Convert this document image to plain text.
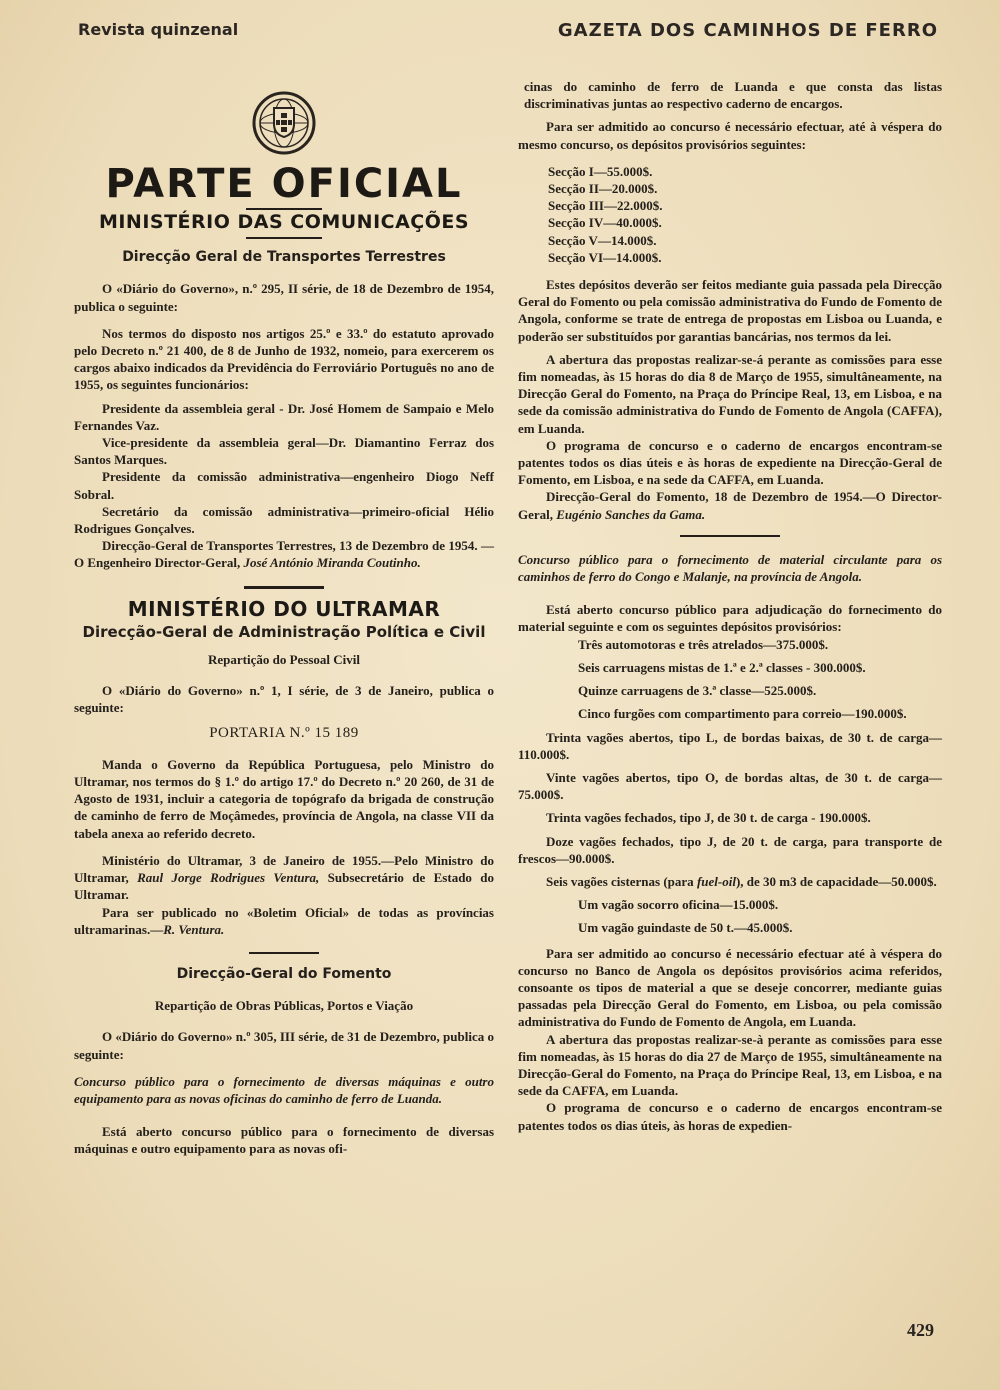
Revista quinzenal	GAZETA DOS CAMINHOS DE FERRO
PARTE OFICIAL
MINISTÉRIO DAS COMUNICAÇÕES
Direcção Geral de Transportes Terrestres

O «Diário do Governo», n.º 295, II série, de 18 de Dezembro de 1954, publica o seguinte:

Nos termos do disposto nos artigos 25.º e 33.º do estatuto aprovado pelo Decreto n.º 21 400, de 8 de Junho de 1932, nomeio, para exercerem os cargos abaixo indicados da Previdência do Ferroviário Português no ano de 1955, os seguintes funcionários:

Presidente da assembleia geral - Dr. José Homem de Sampaio e Melo Fernandes Vaz.

Vice-presidente da assembleia geral—Dr. Diamantino Ferraz dos Santos Marques.

Presidente da comissão administrativa—engenheiro Diogo Neff Sobral.

Secretário da comissão administrativa—primeiro-oficial Hélio Rodrigues Gonçalves.

Direcção-Geral de Transportes Terrestres, 13 de Dezembro de 1954. — O Engenheiro Director-Geral, José António Miranda Coutinho.

MINISTÉRIO DO ULTRAMAR
Direcção-Geral de Administração Política e Civil
Repartição do Pessoal Civil

O «Diário do Governo» n.º 1, I série, de 3 de Janeiro, publica o seguinte:

PORTARIA N.º 15 189

Manda o Governo da República Portuguesa, pelo Ministro do Ultramar, nos termos do § 1.º do artigo 17.º do Decreto n.º 20 260, de 31 de Agosto de 1931, incluir a categoria de topógrafo da brigada de construção de caminho de ferro de Moçâmedes, província de Angola, na classe VII da tabela anexa ao referido decreto.

Ministério do Ultramar, 3 de Janeiro de 1955.—Pelo Ministro do Ultramar, Raul Jorge Rodrigues Ventura, Subsecretário de Estado do Ultramar.

Para ser publicado no «Boletim Oficial» de todas as províncias ultramarinas.—R. Ventura.

Direcção-Geral do Fomento
Repartição de Obras Públicas, Portos e Viação

O «Diário do Governo» n.º 305, III série, de 31 de Dezembro, publica o seguinte:

Concurso público para o fornecimento de diversas máquinas e outro equipamento para as novas oficinas do caminho de ferro de Luanda.

Está aberto concurso público para o fornecimento de diversas máquinas e outro equipamento para as novas ofi-

cinas do caminho de ferro de Luanda e que consta das listas discriminativas juntas ao respectivo caderno de encargos.

Para ser admitido ao concurso é necessário efectuar, até à véspera do mesmo concurso, os depósitos provisórios seguintes:

Secção I—55.000$.
Secção II—20.000$.
Secção III—22.000$.
Secção IV—40.000$.
Secção V—14.000$.
Secção VI—14.000$.

Estes depósitos deverão ser feitos mediante guia passada pela Direcção Geral do Fomento ou pela comissão administrativa do Fundo de Fomento de Angola, conforme se trate de entrega de propostas em Lisboa ou Luanda, e poderão ser substituídos por garantias bancárias, nos termos da lei.

A abertura das propostas realizar-se-á perante as comissões para esse fim nomeadas, às 15 horas do dia 8 de Março de 1955, simultâneamente, na Direcção Geral do Fomento, na Praça do Príncipe Real, 13, em Lisboa, e na sede da comissão administrativa do Fundo de Fomento de Angola (CAFFA), em Luanda.

O programa de concurso e o caderno de encargos encontram-se patentes todos os dias úteis e às horas de expediente na Direcção-Geral de Fomento, em Lisboa, e na sede da CAFFA, em Luanda.

Direcção-Geral do Fomento, 18 de Dezembro de 1954.—O Director-Geral, Eugénio Sanches da Gama.

Concurso público para o fornecimento de material circulante para os caminhos de ferro do Congo e Malanje, na província de Angola.

Está aberto concurso público para adjudicação do fornecimento do material seguinte e com os seguintes depósitos provisórios:

Três automotoras e três atrelados—375.000$.

Seis carruagens mistas de 1.ª e 2.ª classes - 300.000$.

Quinze carruagens de 3.ª classe—525.000$.

Cinco furgões com compartimento para correio—190.000$.

Trinta vagões abertos, tipo L, de bordas baixas, de 30 t. de carga—110.000$.

Vinte vagões abertos, tipo O, de bordas altas, de 30 t. de carga—75.000$.

Trinta vagões fechados, tipo J, de 30 t. de carga - 190.000$.

Doze vagões fechados, tipo J, de 20 t. de carga, para transporte de frescos—90.000$.

Seis vagões cisternas (para fuel-oil), de 30 m3 de capacidade—50.000$.

Um vagão socorro oficina—15.000$.

Um vagão guindaste de 50 t.—45.000$.

Para ser admitido ao concurso é necessário efectuar até à véspera do concurso no Banco de Angola os depósitos provisórios acima referidos, consoante os tipos de material a que se deseje concorrer, mediante guias passadas pela Direcção Geral do Fomento, em Lisboa, ou pela comissão administrativa do Fundo de Fomento de Angola, em Luanda.

A abertura das propostas realizar-se-à perante as comissões para esse fim nomeadas, às 15 horas do dia 27 de Março de 1955, simultâneamente na Direcção-Geral do Fomento, na Praça do Príncipe Real, 13, em Lisboa, e na sede da CAFFA, em Luanda.

O programa de concurso e o caderno de encargos encontram-se patentes todos os dias úteis, às horas de expedien-

429
